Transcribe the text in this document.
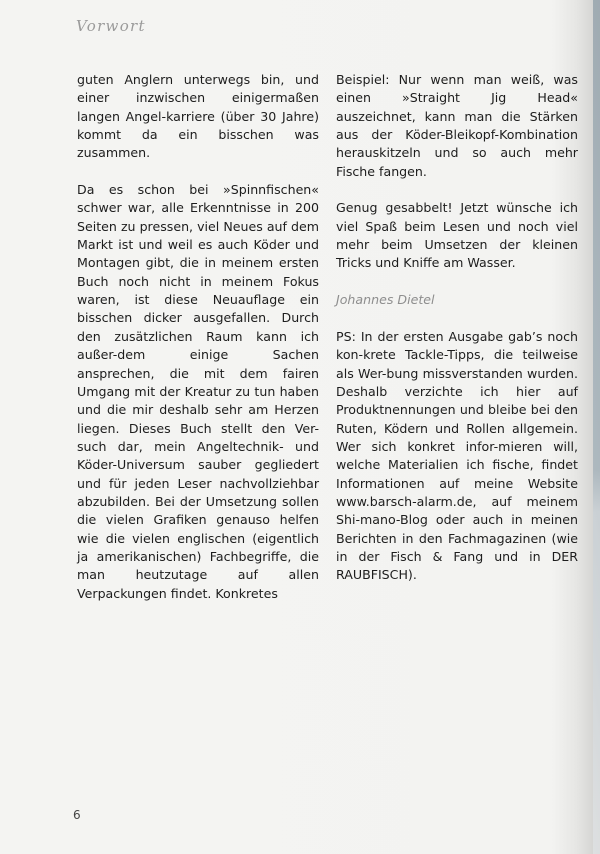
Vorwort

guten Anglern unterwegs bin, und einer inzwischen einigermaßen langen Angel-karriere (über 30 Jahre) kommt da ein bisschen was zusammen.

Da es schon bei »Spinnfischen« schwer war, alle Erkenntnisse in 200 Seiten zu pressen, viel Neues auf dem Markt ist und weil es auch Köder und Montagen gibt, die in meinem ersten Buch noch nicht in meinem Fokus waren, ist diese Neuauflage ein bisschen dicker ausgefallen. Durch den zusätzlichen Raum kann ich außer-dem einige Sachen ansprechen, die mit dem fairen Umgang mit der Kreatur zu tun haben und die mir deshalb sehr am Herzen liegen. Dieses Buch stellt den Ver-such dar, mein Angeltechnik- und Köder-Universum sauber gegliedert und für jeden Leser nachvollziehbar abzubilden. Bei der Umsetzung sollen die vielen Grafiken genauso helfen wie die vielen englischen (eigentlich ja amerikanischen) Fachbegriffe, die man heutzutage auf allen Verpackungen findet. Konkretes

Beispiel: Nur wenn man weiß, was einen »Straight Jig Head« auszeichnet, kann man die Stärken aus der Köder-Bleikopf-Kombination herauskitzeln und so auch mehr Fische fangen.

Genug gesabbelt! Jetzt wünsche ich viel Spaß beim Lesen und noch viel mehr beim Umsetzen der kleinen Tricks und Kniffe am Wasser.

Johannes Dietel

PS: In der ersten Ausgabe gab’s noch kon-krete Tackle-Tipps, die teilweise als Wer-bung missverstanden wurden. Deshalb verzichte ich hier auf Produktnennungen und bleibe bei den Ruten, Ködern und Rollen allgemein. Wer sich konkret infor-mieren will, welche Materialien ich fische, findet Informationen auf meine Website www.barsch-alarm.de, auf meinem Shi-mano-Blog oder auch in meinen Berichten in den Fachmagazinen (wie in der Fisch & Fang und in DER RAUBFISCH).

6
